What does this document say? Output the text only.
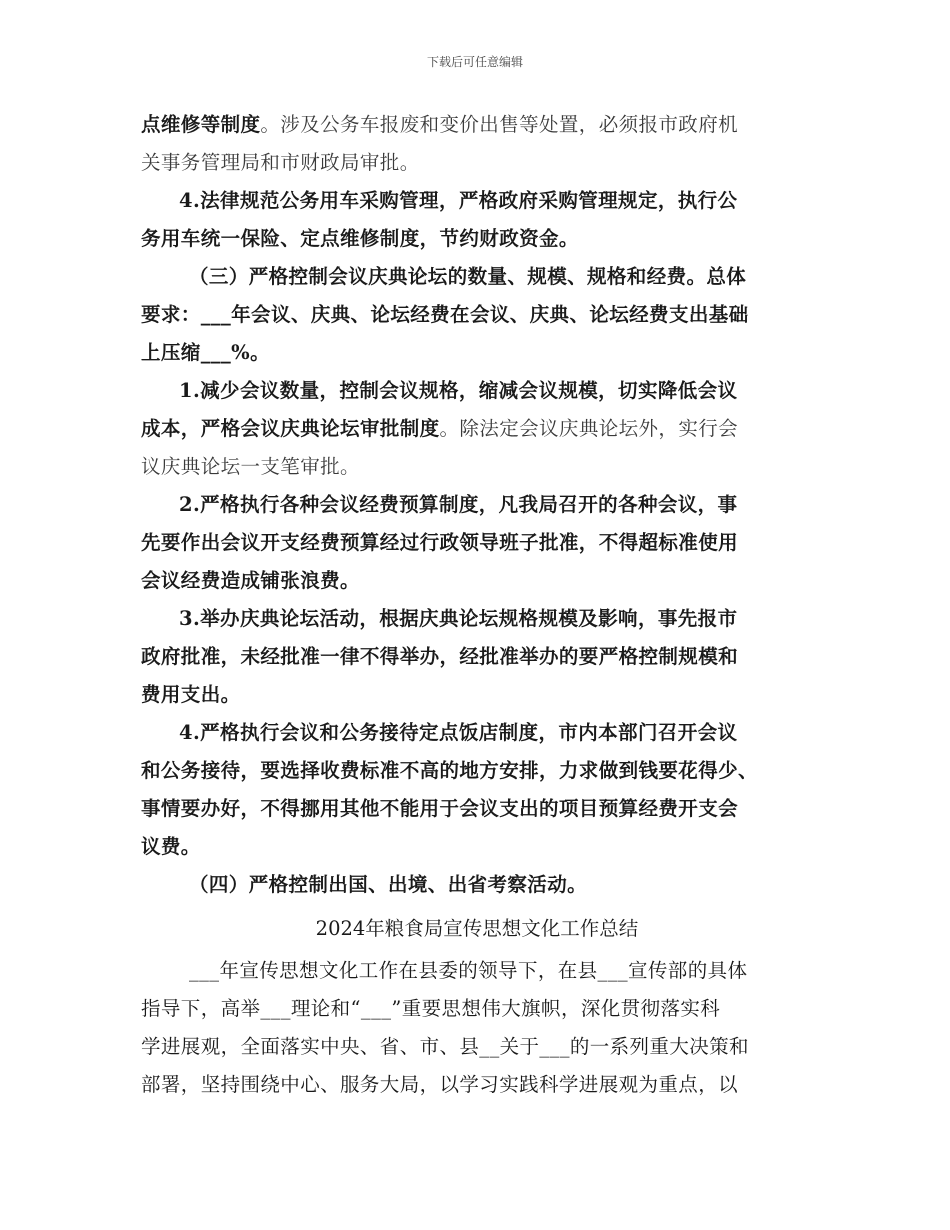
下载后可任意编辑
点维修等制度。涉及公务车报废和变价出售等处置，必须报市政府机
关事务管理局和市财政局审批。
4.法律规范公务用车采购管理，严格政府采购管理规定，执行公
务用车统一保险、定点维修制度，节约财政资金。
（三）严格控制会议庆典论坛的数量、规模、规格和经费。总体
要求：___年会议、庆典、论坛经费在会议、庆典、论坛经费支出基础
上压缩___%。
1.减少会议数量，控制会议规格，缩减会议规模，切实降低会议
成本，严格会议庆典论坛审批制度。除法定会议庆典论坛外，实行会
议庆典论坛一支笔审批。
2.严格执行各种会议经费预算制度，凡我局召开的各种会议，事
先要作出会议开支经费预算经过行政领导班子批准，不得超标准使用
会议经费造成铺张浪费。
3.举办庆典论坛活动，根据庆典论坛规格规模及影响，事先报市
政府批准，未经批准一律不得举办，经批准举办的要严格控制规模和
费用支出。
4.严格执行会议和公务接待定点饭店制度，市内本部门召开会议
和公务接待，要选择收费标准不高的地方安排，力求做到钱要花得少、
事情要办好，不得挪用其他不能用于会议支出的项目预算经费开支会
议费。
（四）严格控制出国、出境、出省考察活动。
2024年粮食局宣传思想文化工作总结
___年宣传思想文化工作在县委的领导下，在县___宣传部的具体
指导下，高举___理论和“___”重要思想伟大旗帜，深化贯彻落实科
学进展观，全面落实中央、省、市、县__关于___的一系列重大决策和
部署，坚持围绕中心、服务大局，以学习实践科学进展观为重点，以
